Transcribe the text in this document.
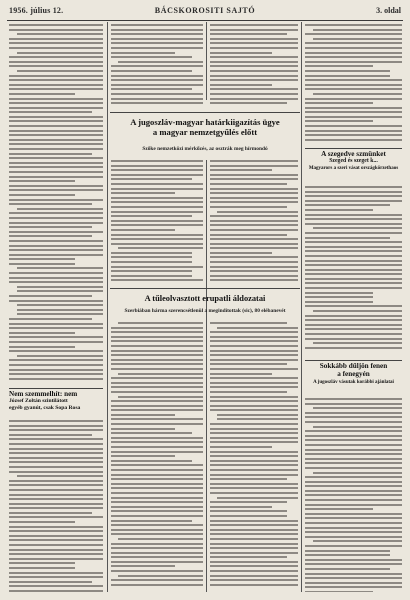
1956. július 12.	BÁCSKOROSITI SAJTÓ	3. oldal
Nem szemmelhít: nem
József Zoltán szintilátott
egyéb gyanút, csak Sopa Rosa
A jugoszláv-magyar határkiigazítás ügye
a magyar nemzetgyűlés előtt
Szőke nemzetközi mérkőzés, az osztrák meg hírmondó
A tűleolvasztott erupatli áldozatai
Szerbiában hárma szerencsétlenül a megindítottak (sic), 80 elébanevét
A szegedve szmünket
Szeged és szeget k...
Magyarors a szeri vásat országkörzethaos
Sokkább dűljön fenen
a fenegyén
A jugoszláv vásutak korábbi ajánlatai
